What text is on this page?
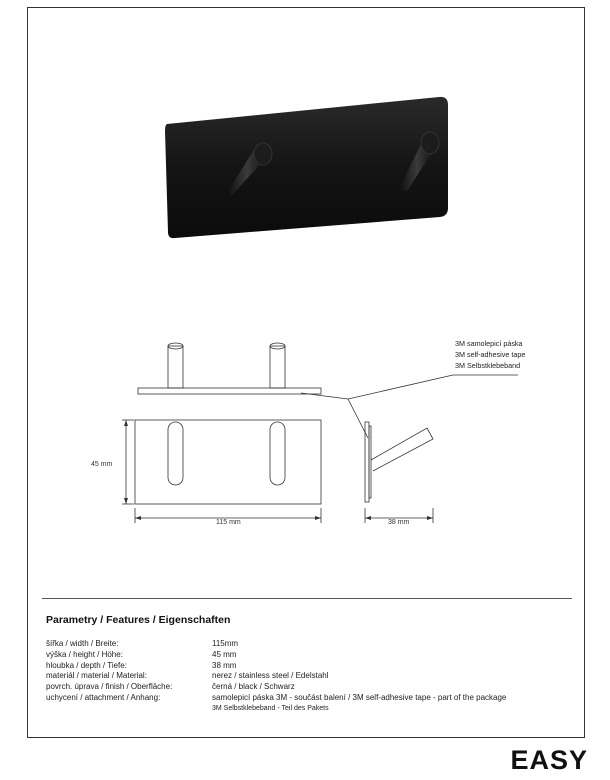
3M samolepicí páska
3M self-adhesive tape
3M Selbstklebeband
45 mm
115 mm	38 mm
Parametry / Features / Eigenschaften
šířka / width / Breite:	115mm
výška / height / Höhe:	45 mm
hloubka / depth / Tiefe:	38 mm
materiál / material / Material:	nerez / stainless steel / Edelstahl
povrch. úprava / finish / Oberfläche:	černá / black / Schwarz
uchycení / attachment / Anhang:	samolepicí páska 3M - součást balení / 3M self-adhesive tape - part of the package
3M Selbstklebeband - Teil des Pakets
EASY
